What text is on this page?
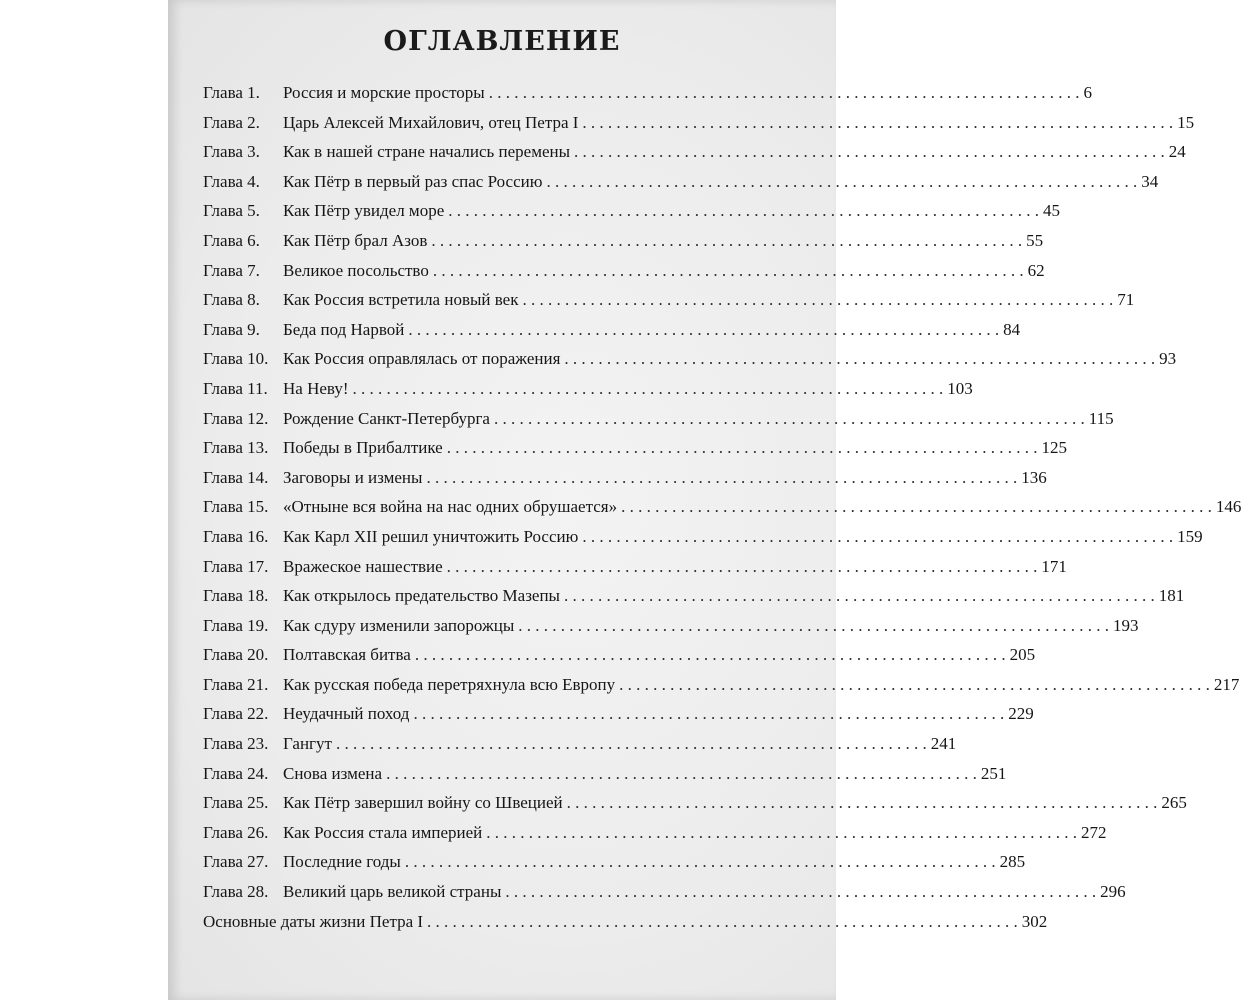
ОГЛАВЛЕНИЕ
Глава 1.	Россия и морские просторы . . .	6
Глава 2.	Царь Алексей Михайлович, отец Петра I . . .	15
Глава 3.	Как в нашей стране начались перемены . . .	24
Глава 4.	Как Пётр в первый раз спас Россию . . .	34
Глава 5.	Как Пётр увидел море . . .	45
Глава 6.	Как Пётр брал Азов . . .	55
Глава 7.	Великое посольство . . .	62
Глава 8.	Как Россия встретила новый век . . .	71
Глава 9.	Беда под Нарвой . . .	84
Глава 10. Как Россия оправлялась от поражения . . .	93
Глава 11. На Неву! . . .	103
Глава 12. Рождение Санкт-Петербурга . . .	115
Глава 13. Победы в Прибалтике . . .	125
Глава 14. Заговоры и измены . . .	136
Глава 15. «Отныне вся война на нас одних обрушается» . . .	146
Глава 16. Как Карл XII решил уничтожить Россию . . .	159
Глава 17. Вражеское нашествие . . .	171
Глава 18. Как открылось предательство Мазепы . . .	181
Глава 19. Как сдуру изменили запорожцы . . .	193
Глава 20. Полтавская битва . . .	205
Глава 21. Как русская победа перетряхнула всю Европу . . .	217
Глава 22. Неудачный поход . . .	229
Глава 23. Гангут . . .	241
Глава 24. Снова измена . . .	251
Глава 25. Как Пётр завершил войну со Швецией . . .	265
Глава 26. Как Россия стала империей . . .	272
Глава 27. Последние годы . . .	285
Глава 28. Великий царь великой страны . . .	296
Основные даты жизни Петра I . . .	302
